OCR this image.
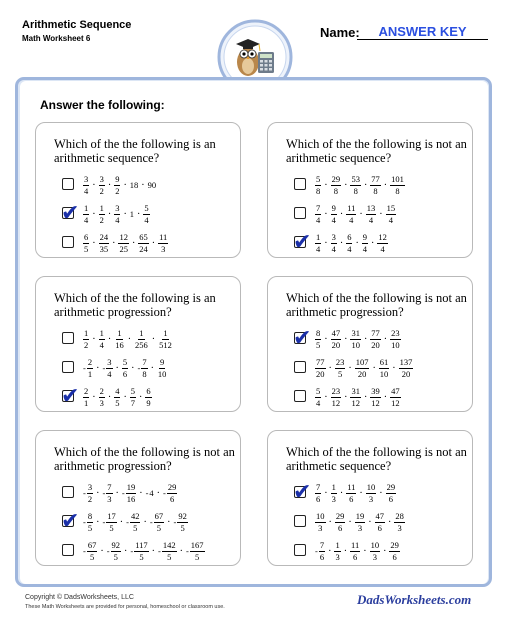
Arithmetic Sequence
Math Worksheet 6	Name:	ANSWER KEY
Answer the following:
Which of the the following is an arithmetic sequence?
$\frac{3}{4} \cdot \frac{3}{2} \cdot \frac{9}{2} \cdot 18 \cdot 90$
✔ $\frac{1}{4} \cdot \frac{1}{2} \cdot \frac{3}{4} \cdot 1 \cdot \frac{5}{4}$
$\frac{6}{5} \cdot \frac{24}{35} \cdot \frac{12}{25} \cdot \frac{65}{24} \cdot \frac{11}{3}$
Which of the the following is not an arithmetic sequence?
$\frac{5}{8} \cdot \frac{29}{8} \cdot \frac{53}{8} \cdot \frac{77}{8} \cdot \frac{101}{8}$
$\frac{7}{4} \cdot \frac{9}{4} \cdot \frac{11}{4} \cdot \frac{13}{4} \cdot \frac{15}{4}$
✔ $\frac{1}{4} \cdot \frac{3}{4} \cdot \frac{6}{4} \cdot \frac{9}{4} \cdot \frac{12}{4}$
Which of the the following is an arithmetic progression?
$\frac{1}{2} \cdot \frac{1}{4} \cdot \frac{1}{16} \cdot \frac{1}{256} \cdot \frac{1}{512}$
- $\frac{2}{1}$ · - $\frac{3}{4} \cdot \frac{5}{6}$ · - $\frac{7}{8} \cdot \frac{9}{10}$
✔ $\frac{2}{1} \cdot \frac{2}{3} \cdot \frac{4}{5} \cdot \frac{5}{7} \cdot \frac{6}{9}$
Which of the the following is not an arithmetic progression?
✔ $\frac{8}{5} \cdot \frac{47}{20} \cdot \frac{31}{10} \cdot \frac{77}{20} \cdot \frac{23}{10}$
$\frac{77}{20} \cdot \frac{23}{5} \cdot \frac{107}{20} \cdot \frac{61}{10} \cdot \frac{137}{20}$
$\frac{5}{4} \cdot \frac{23}{12} \cdot \frac{31}{12} \cdot \frac{39}{12} \cdot \frac{47}{12}$
Which of the the following is not an arithmetic progression?
- $\frac{3}{2}$ · - $\frac{7}{3}$ · - $\frac{19}{16}$ · - 4 · - $\frac{29}{6}$
✔ - $\frac{8}{5}$ · - $\frac{17}{5}$ · - $\frac{42}{5}$ · - $\frac{67}{5}$ · - $\frac{92}{5}$
- $\frac{67}{5}$ · - $\frac{92}{5}$ · - $\frac{117}{5}$ · - $\frac{142}{5}$ · - $\frac{167}{5}$
Which of the the following is not an arithmetic sequence?
✔ $\frac{7}{6} \cdot \frac{1}{3} \cdot \frac{11}{6} \cdot \frac{10}{3} \cdot \frac{29}{6}$
$\frac{10}{3} \cdot \frac{29}{6} \cdot \frac{19}{3} \cdot \frac{47}{6} \cdot \frac{28}{3}$
- $\frac{7}{6} \cdot \frac{1}{3} \cdot \frac{11}{6} \cdot \frac{10}{3} \cdot \frac{29}{6}$
Copyright © DadsWorksheets, LLC
These Math Worksheets are provided for personal, homeschool or classroom use.	DadsWorksheets.com
